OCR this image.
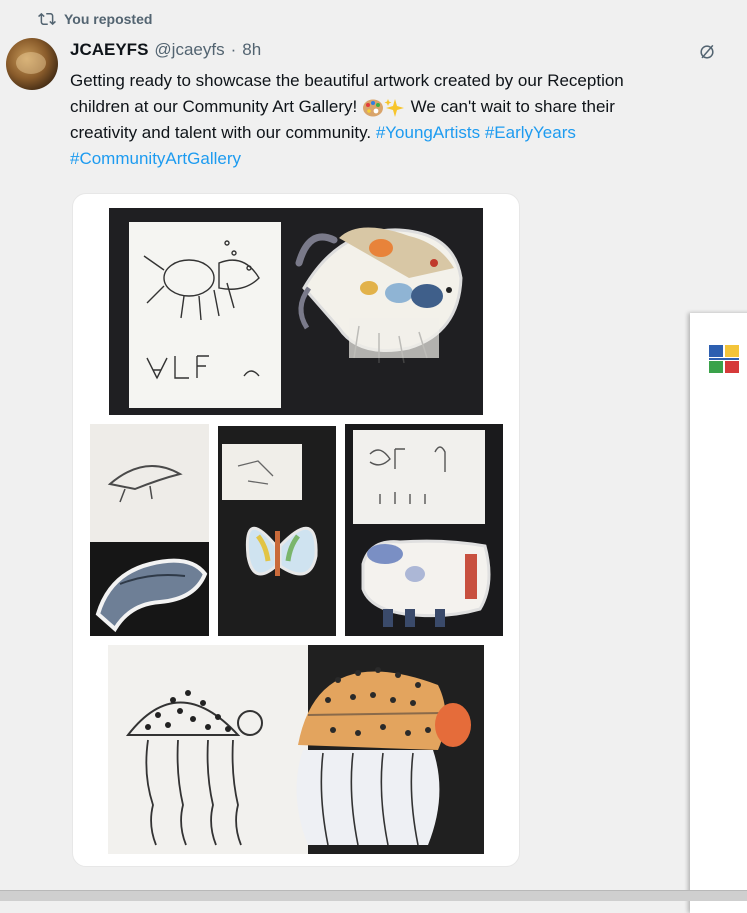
You reposted
JCAEYFS @jcaeyfs · 8h
Getting ready to showcase the beautiful artwork created by our Reception
children at our Community Art Gallery!	We can't wait to share their
creativity and talent with our community. #YoungArtists #EarlyYears
#CommunityArtGallery
ALF le
Nd
